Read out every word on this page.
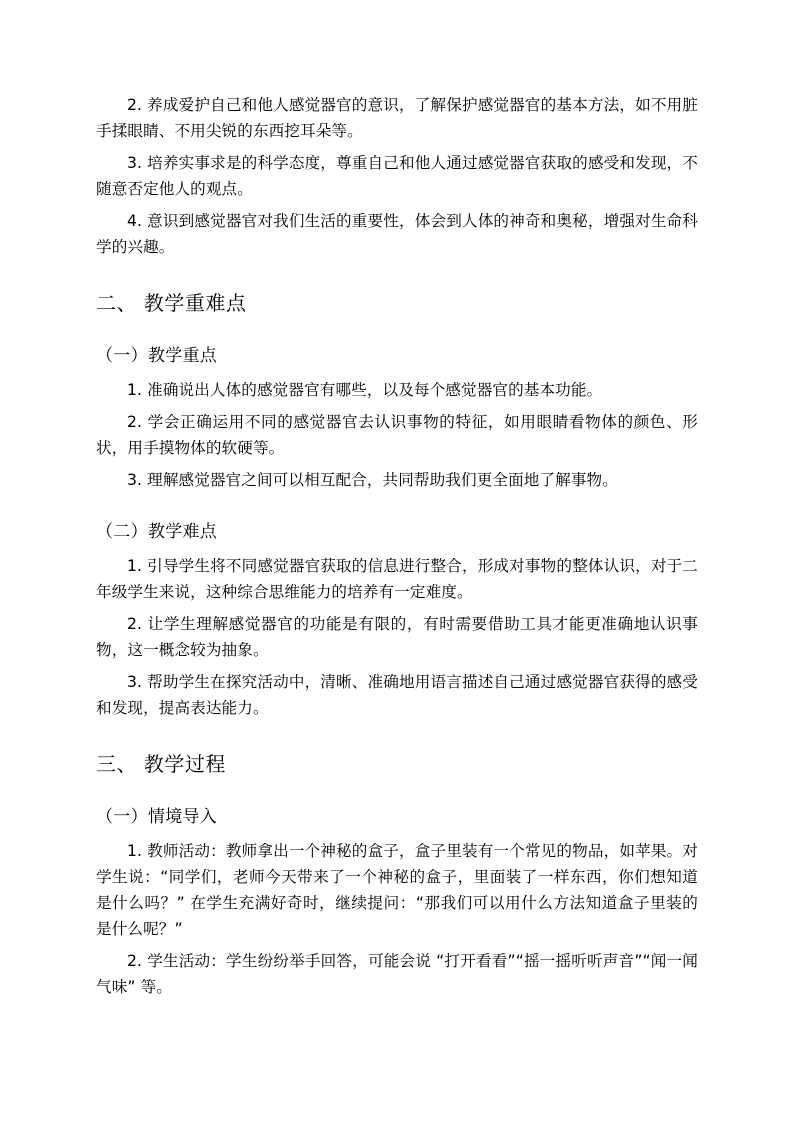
2. 养成爱护自己和他人感觉器官的意识，了解保护感觉器官的基本方法，如不用脏手揉眼睛、不用尖锐的东西挖耳朵等。

3. 培养实事求是的科学态度，尊重自己和他人通过感觉器官获取的感受和发现，不随意否定他人的观点。

4. 意识到感觉器官对我们生活的重要性，体会到人体的神奇和奥秘，增强对生命科学的兴趣。

二、 教学重难点
（一）教学重点

1. 准确说出人体的感觉器官有哪些，以及每个感觉器官的基本功能。

2. 学会正确运用不同的感觉器官去认识事物的特征，如用眼睛看物体的颜色、形状，用手摸物体的软硬等。

3. 理解感觉器官之间可以相互配合，共同帮助我们更全面地了解事物。

（二）教学难点

1. 引导学生将不同感觉器官获取的信息进行整合，形成对事物的整体认识，对于二年级学生来说，这种综合思维能力的培养有一定难度。

2. 让学生理解感觉器官的功能是有限的，有时需要借助工具才能更准确地认识事物，这一概念较为抽象。

3. 帮助学生在探究活动中，清晰、准确地用语言描述自己通过感觉器官获得的感受和发现，提高表达能力。

三、 教学过程
（一）情境导入

1. 教师活动：教师拿出一个神秘的盒子，盒子里装有一个常见的物品，如苹果。对学生说：“同学们，老师今天带来了一个神秘的盒子，里面装了一样东西，你们想知道是什么吗？” 在学生充满好奇时，继续提问：“那我们可以用什么方法知道盒子里装的是什么呢？”

2. 学生活动：学生纷纷举手回答，可能会说 “打开看看”“摇一摇听听声音”“闻一闻气味” 等。
